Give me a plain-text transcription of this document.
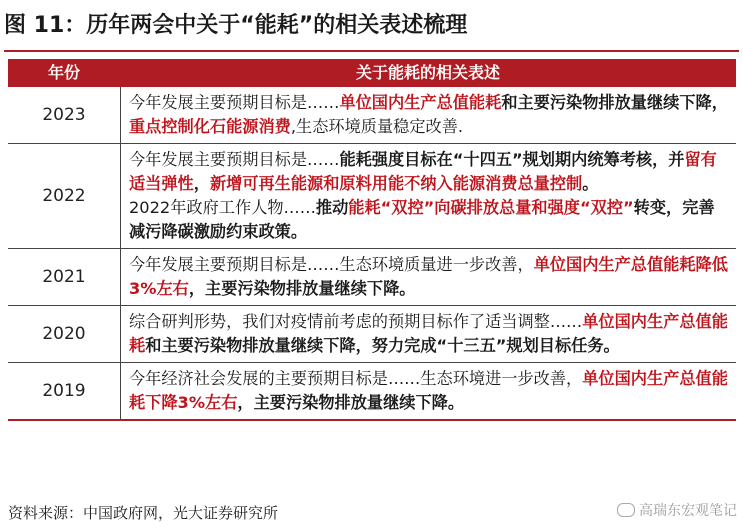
图 11：历年两会中关于“能耗”的相关表述梳理
年份	关于能耗的相关表述
2023
今年发展主要预期目标是……单位国内生产总值能耗和主要污染物排放量继续下降，重点控制化石能源消费,生态环境质量稳定改善.
2022
今年发展主要预期目标是……能耗强度目标在“十四五”规划期内统筹考核，并留有适当弹性，新增可再生能源和原料用能不纳入能源消费总量控制。
2022年政府工作人物……推动能耗“双控”向碳排放总量和强度“双控”转变，完善减污降碳激励约束政策。
2021
今年发展主要预期目标是……生态环境质量进一步改善，单位国内生产总值能耗降低3%左右，主要污染物排放量继续下降。
2020
综合研判形势，我们对疫情前考虑的预期目标作了适当调整……单位国内生产总值能耗和主要污染物排放量继续下降，努力完成“十三五”规划目标任务。
2019
今年经济社会发展的主要预期目标是……生态环境进一步改善，单位国内生产总值能耗下降3%左右，主要污染物排放量继续下降。
资料来源：中国政府网，光大证券研究所	高瑞东宏观笔记
